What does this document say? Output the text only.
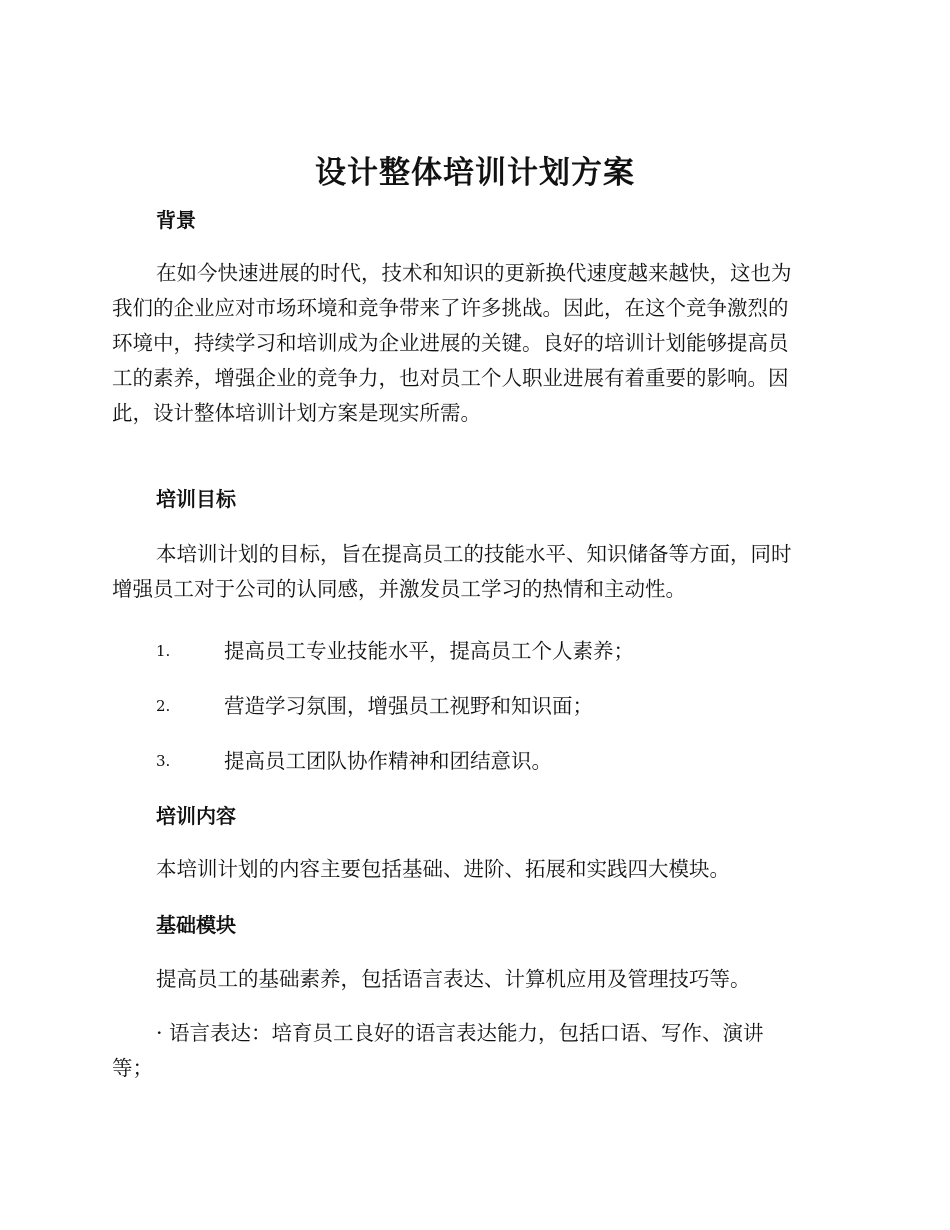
设计整体培训计划方案
背景

在如今快速进展的时代，技术和知识的更新换代速度越来越快，这也为

我们的企业应对市场环境和竞争带来了许多挑战。因此，在这个竞争激烈的

环境中，持续学习和培训成为企业进展的关键。良好的培训计划能够提高员

工的素养，增强企业的竞争力，也对员工个人职业进展有着重要的影响。因

此，设计整体培训计划方案是现实所需。

培训目标

本培训计划的目标，旨在提高员工的技能水平、知识储备等方面，同时

增强员工对于公司的认同感，并激发员工学习的热情和主动性。

1.	提高员工专业技能水平，提高员工个人素养；
2.	营造学习氛围，增强员工视野和知识面；
3.	提高员工团队协作精神和团结意识。
培训内容
本培训计划的内容主要包括基础、进阶、拓展和实践四大模块。
基础模块
提高员工的基础素养，包括语言表达、计算机应用及管理技巧等。

· 语言表达：培育员工良好的语言表达能力，包括口语、写作、演讲

等；
